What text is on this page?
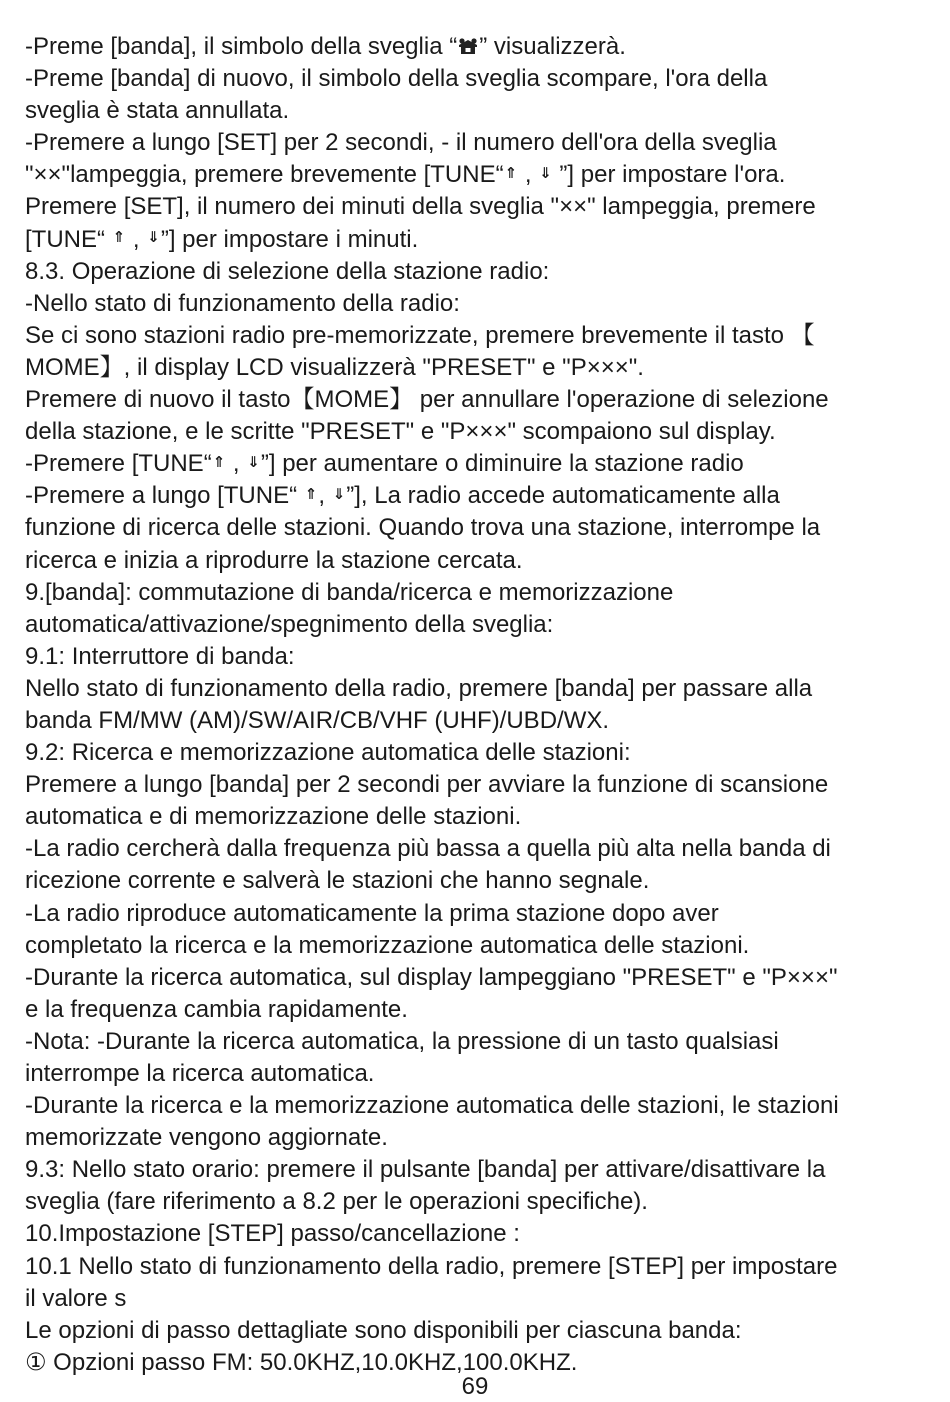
-Preme [banda], il simbolo della sveglia “ ” visualizzerà.
-Preme [banda] di nuovo, il simbolo della sveglia scompare, l'ora della
sveglia è stata annullata.
-Premere a lungo [SET] per 2 secondi, - il numero dell'ora della sveglia
"××"lampeggia, premere brevemente [TUNE“⇑ , ⇓ ”] per impostare l'ora.
Premere [SET], il numero dei minuti della sveglia "××" lampeggia, premere
[TUNE“ ⇑ , ⇓”] per impostare i minuti.
8.3. Operazione di selezione della stazione radio:
-Nello stato di funzionamento della radio:
Se ci sono stazioni radio pre-memorizzate, premere brevemente il tasto 【
MOME】, il display LCD visualizzerà "PRESET" e "P×××".
Premere di nuovo il tasto【MOME】 per annullare l'operazione di selezione
della stazione, e le scritte "PRESET" e "P×××" scompaiono sul display.
-Premere [TUNE“⇑ , ⇓”] per aumentare o diminuire la stazione radio
-Premere a lungo [TUNE“ ⇑, ⇓”], La radio accede automaticamente alla
funzione di ricerca delle stazioni. Quando trova una stazione, interrompe la
ricerca e inizia a riprodurre la stazione cercata.
9.[banda]: commutazione di banda/ricerca e memorizzazione
automatica/attivazione/spegnimento della sveglia:
9.1: Interruttore di banda:
Nello stato di funzionamento della radio, premere [banda] per passare alla
banda FM/MW (AM)/SW/AIR/CB/VHF (UHF)/UBD/WX.
9.2: Ricerca e memorizzazione automatica delle stazioni:
Premere a lungo [banda] per 2 secondi per avviare la funzione di scansione
automatica e di memorizzazione delle stazioni.
-La radio cercherà dalla frequenza più bassa a quella più alta nella banda di
ricezione corrente e salverà le stazioni che hanno segnale.
-La radio riproduce automaticamente la prima stazione dopo aver
completato la ricerca e la memorizzazione automatica delle stazioni.
-Durante la ricerca automatica, sul display lampeggiano "PRESET" e "P×××"
e la frequenza cambia rapidamente.
-Nota: -Durante la ricerca automatica, la pressione di un tasto qualsiasi
interrompe la ricerca automatica.
-Durante la ricerca e la memorizzazione automatica delle stazioni, le stazioni
memorizzate vengono aggiornate.
9.3: Nello stato orario: premere il pulsante [banda] per attivare/disattivare la
sveglia (fare riferimento a 8.2 per le operazioni specifiche).
10.Impostazione [STEP] passo/cancellazione :
10.1 Nello stato di funzionamento della radio, premere [STEP] per impostare
il valore s
Le opzioni di passo dettagliate sono disponibili per ciascuna banda:
① Opzioni passo FM: 50.0KHZ,10.0KHZ,100.0KHZ.
69
